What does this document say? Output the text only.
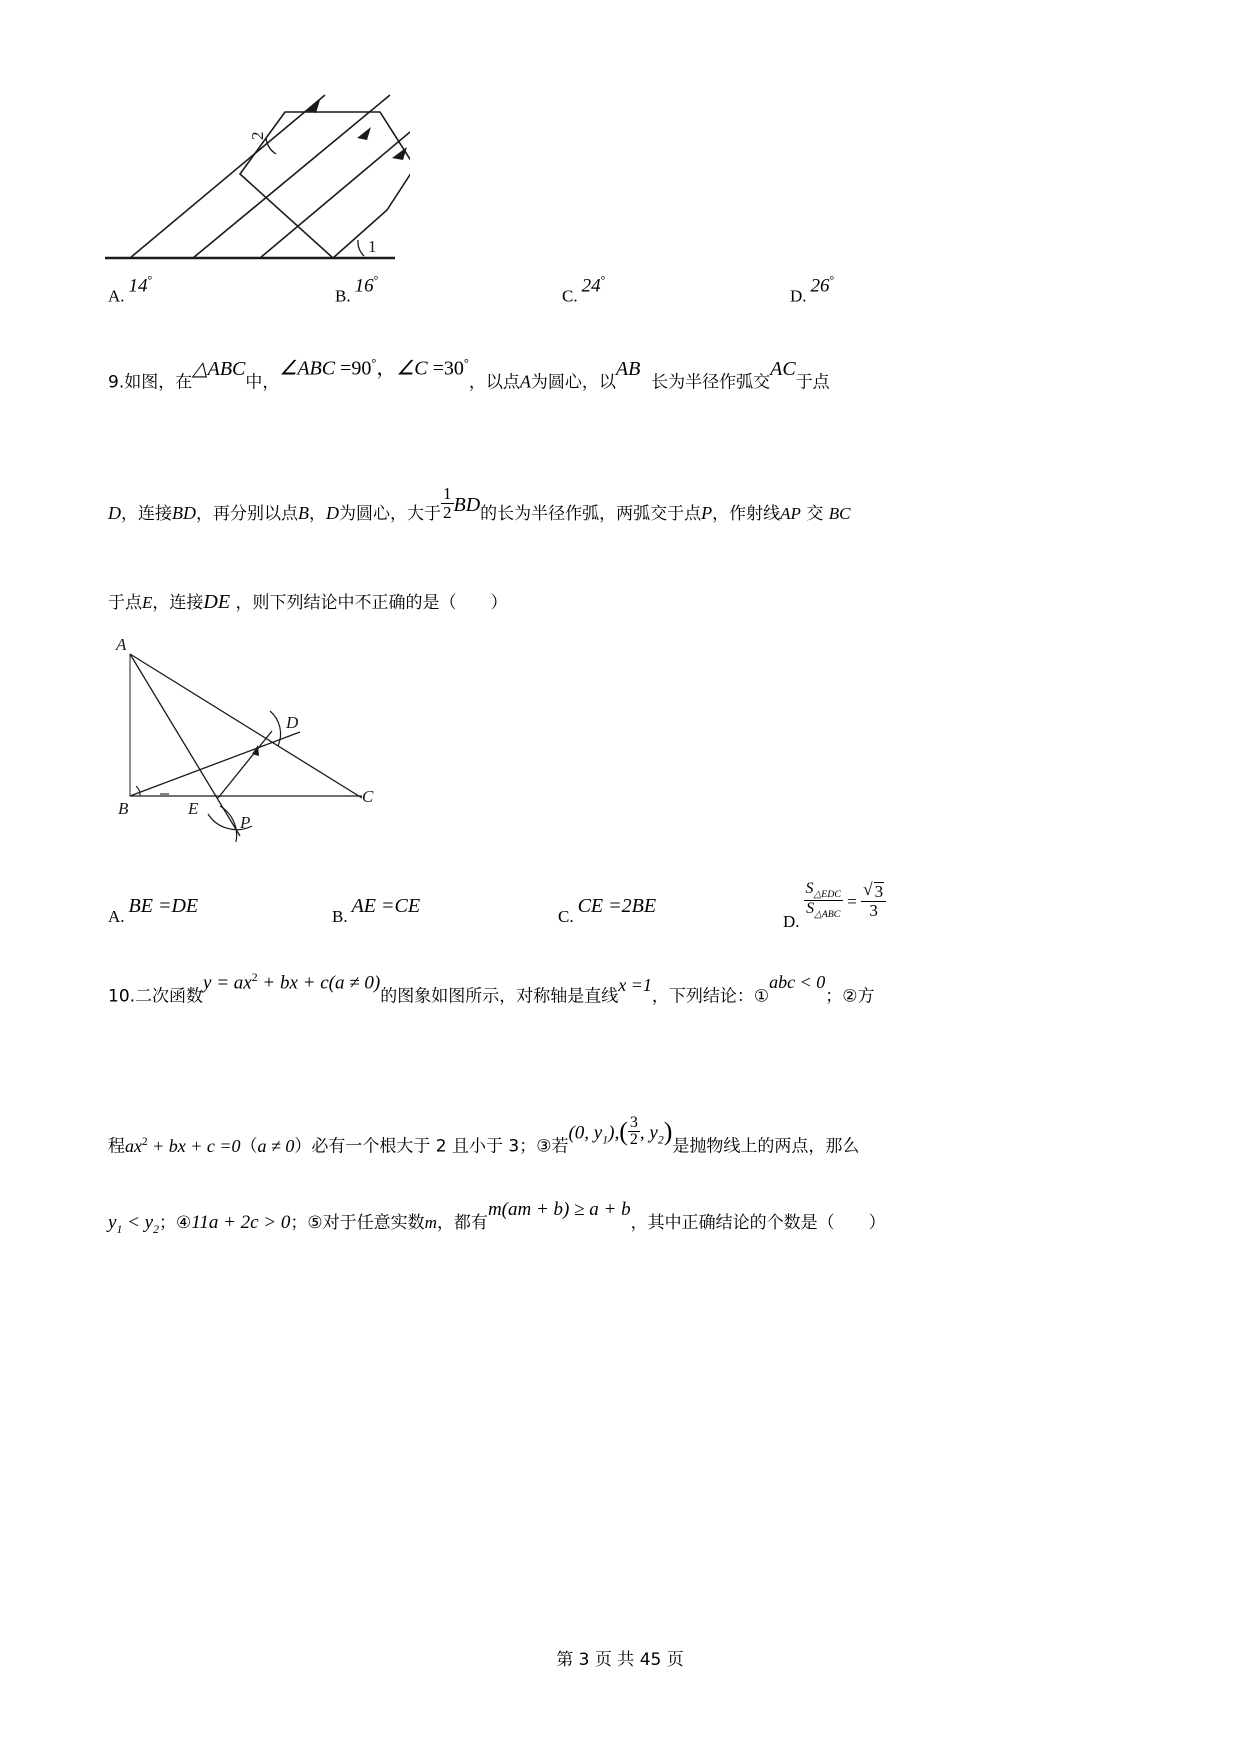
2
1
A. 14°
B. 16°
C. 24°
D. 26°
9.如图，在△ABC中，∠ABC =90°，∠C =30°，以点A为圆心，以AB  长为半径作弧交AC于点
D，连接BD，再分别以点B，D为圆心，大于 $\frac{1}{2}$ BD的长为半径作弧，两弧交于点P，作射线AP 交 BC
于点E，连接DE ，则下列结论中不正确的是（　　）
A
B
C
D
E
P
A. BE =DE	B. AE =CE	C. CE =2BE
D.
$\frac{S_{\triangle EDC}}{S_{\triangle ABC}}$ = √ $\frac{3}{3}$
10.二次函数$y = ax^2$ + bx + c(a ≠ 0)的图象如图所示，对称轴是直线x =1，下列结论：①abc < 0；②方
程$ax^2$ + bx + c =0（a ≠ 0）必有一个根大于 2 且小于 3；③若(0, $y_1),( \frac{3}{2}$ , $y_2$)是抛物线上的两点，那么
$y_1 < y_2$；④11a + 2c > 0；⑤对于任意实数m，都有m(am + b) ≥ a + b，其中正确结论的个数是（　　）
第 3 页 共 45 页
